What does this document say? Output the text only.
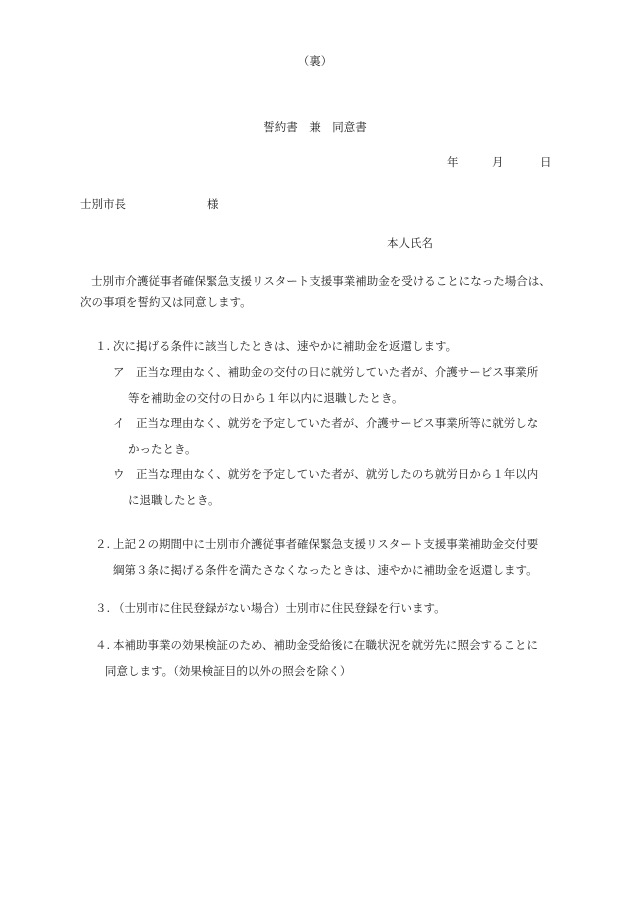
（裏）
誓約書　兼　同意書
年	月	日
士別市長	様
本人氏名
士別市介護従事者確保緊急支援リスタート支援事業補助金を受けることになった場合は、次の事項を誓約又は同意します。
１. 次に掲げる条件に該当したときは、速やかに補助金を返還します。
ア 正当な理由なく、補助金の交付の日に就労していた者が、介護サービス事業所
等を補助金の交付の日から１年以内に退職したとき。
イ 正当な理由なく、就労を予定していた者が、介護サービス事業所等に就労しな
かったとき。
ウ 正当な理由なく、就労を予定していた者が、就労したのち就労日から１年以内
に退職したとき。
２. 上記２の期間中に士別市介護従事者確保緊急支援リスタート支援事業補助金交付要
綱第３条に掲げる条件を満たさなくなったときは、速やかに補助金を返還します。
３. （士別市に住民登録がない場合）士別市に住民登録を行います。
４. 本補助事業の効果検証のため、補助金受給後に在職状況を就労先に照会することに
同意します。（効果検証目的以外の照会を除く）
